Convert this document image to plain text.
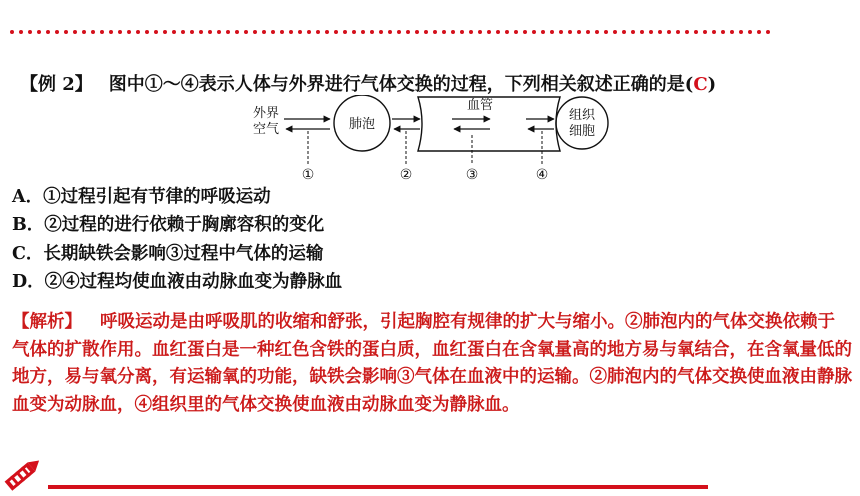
【例 2】 图中①～④表示人体与外界进行气体交换的过程，下列相关叙述正确的是(C)
外界
空气	肺泡
血管
组织
细胞
①	②	③	④
A．①过程引起有节律的呼吸运动
B．②过程的进行依赖于胸廓容积的变化
C．长期缺铁会影响③过程中气体的运输
D．②④过程均使血液由动脉血变为静脉血
【解析】 呼吸运动是由呼吸肌的收缩和舒张，引起胸腔有规律的扩大与缩小。②肺泡内的气体交换依赖于气体的扩散作用。血红蛋白是一种红色含铁的蛋白质，血红蛋白在含氧量高的地方易与氧结合，在含氧量低的地方，易与氧分离，有运输氧的功能，缺铁会影响③气体在血液中的运输。②肺泡内的气体交换使血液由静脉血变为动脉血，④组织里的气体交换使血液由动脉血变为静脉血。
